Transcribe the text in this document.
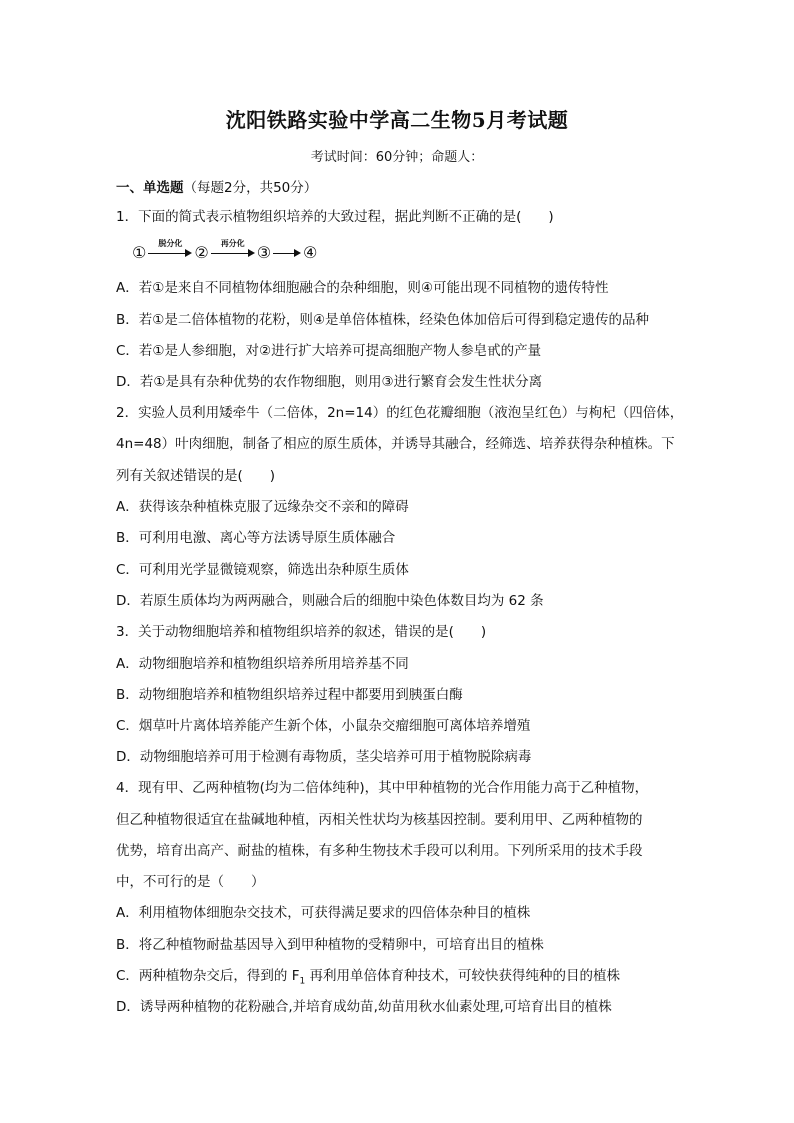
沈阳铁路实验中学高二生物5月考试题
考试时间：60分钟；命题人：
一、单选题（每题2分，共50分）
1．下面的简式表示植物组织培养的大致过程，据此判断不正确的是(　　)
①	脱分化 ②	再分化 ③ ④
A．若①是来自不同植物体细胞融合的杂种细胞，则④可能出现不同植物的遗传特性
B．若①是二倍体植物的花粉，则④是单倍体植株，经染色体加倍后可得到稳定遗传的品种
C．若①是人参细胞，对②进行扩大培养可提高细胞产物人参皂甙的产量
D．若①是具有杂种优势的农作物细胞，则用③进行繁育会发生性状分离
2．实验人员利用矮牵牛（二倍体，2n=14）的红色花瓣细胞（液泡呈红色）与枸杞（四倍体，
4n=48）叶肉细胞，制备了相应的原生质体，并诱导其融合，经筛选、培养获得杂种植株。下
列有关叙述错误的是(　　)
A．获得该杂种植株克服了远缘杂交不亲和的障碍
B．可利用电激、离心等方法诱导原生质体融合
C．可利用光学显微镜观察，筛选出杂种原生质体
D．若原生质体均为两两融合，则融合后的细胞中染色体数目均为 62 条
3．关于动物细胞培养和植物组织培养的叙述，错误的是(　　)
A．动物细胞培养和植物组织培养所用培养基不同
B．动物细胞培养和植物组织培养过程中都要用到胰蛋白酶
C．烟草叶片离体培养能产生新个体，小鼠杂交瘤细胞可离体培养增殖
D．动物细胞培养可用于检测有毒物质，茎尖培养可用于植物脱除病毒
4．现有甲、乙两种植物(均为二倍体纯种)，其中甲种植物的光合作用能力高于乙种植物，
但乙种植物很适宜在盐碱地种植，丙相关性状均为核基因控制。要利用甲、乙两种植物的
优势，培育出高产、耐盐的植株，有多种生物技术手段可以利用。下列所采用的技术手段
中，不可行的是（　　）
A．利用植物体细胞杂交技术，可获得满足要求的四倍体杂种目的植株
B．将乙种植物耐盐基因导入到甲种植物的受精卵中，可培育出目的植株
C．两种植物杂交后，得到的 $F_1$ 再利用单倍体育种技术，可较快获得纯种的目的植株
D．诱导两种植物的花粉融合,并培育成幼苗,幼苗用秋水仙素处理,可培育出目的植株
